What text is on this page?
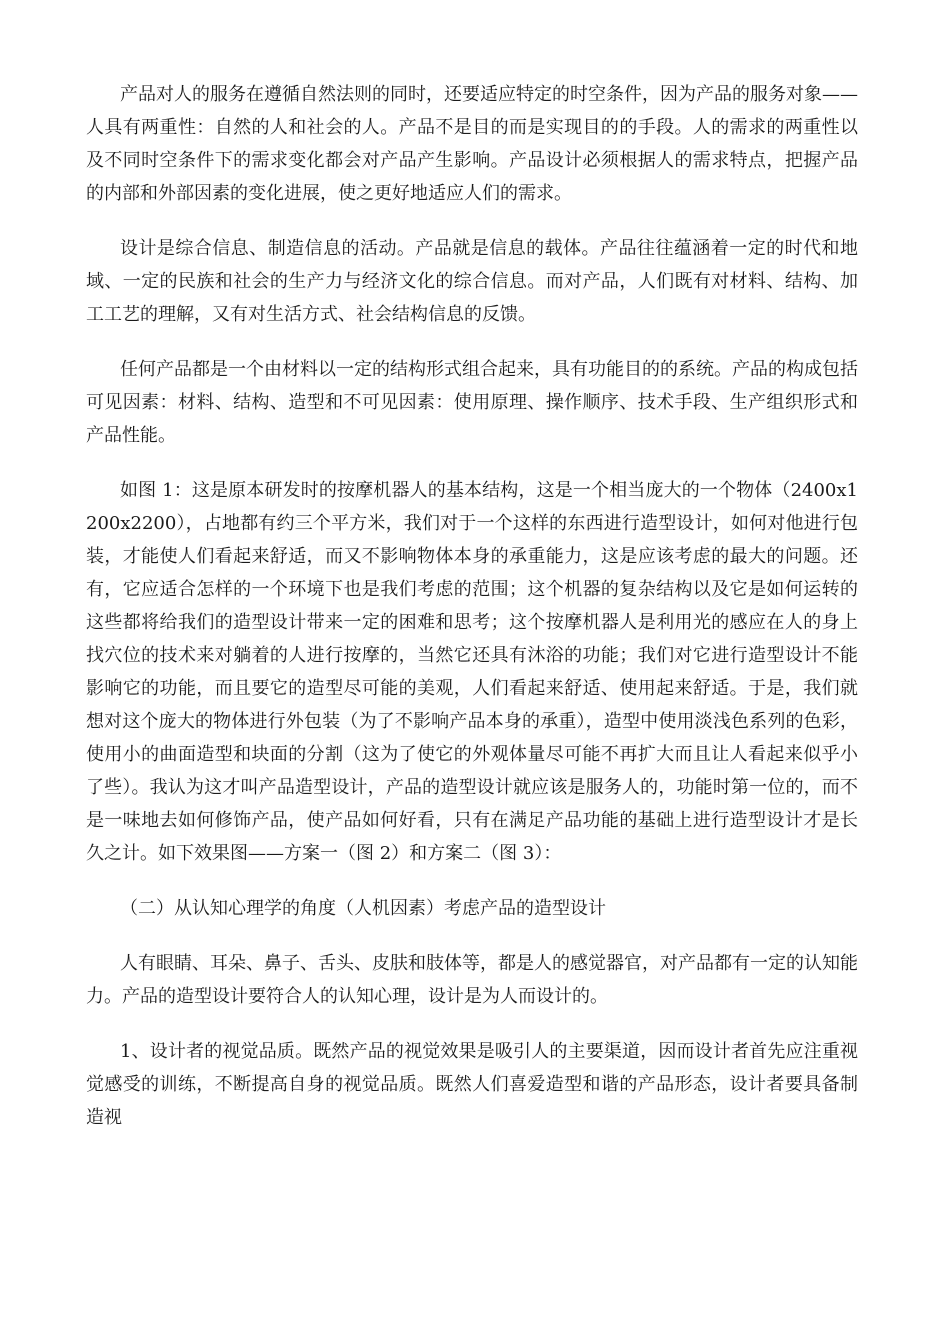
产品对人的服务在遵循自然法则的同时，还要适应特定的时空条件，因为产品的服务对象——人具有两重性：自然的人和社会的人。产品不是目的而是实现目的的手段。人的需求的两重性以及不同时空条件下的需求变化都会对产品产生影响。产品设计必须根据人的需求特点，把握产品的内部和外部因素的变化进展，使之更好地适应人们的需求。

设计是综合信息、制造信息的活动。产品就是信息的载体。产品往往蕴涵着一定的时代和地域、一定的民族和社会的生产力与经济文化的综合信息。而对产品，人们既有对材料、结构、加工工艺的理解，又有对生活方式、社会结构信息的反馈。

任何产品都是一个由材料以一定的结构形式组合起来，具有功能目的的系统。产品的构成包括可见因素：材料、结构、造型和不可见因素：使用原理、操作顺序、技术手段、生产组织形式和产品性能。

如图 1：这是原本研发时的按摩机器人的基本结构，这是一个相当庞大的一个物体（2400x1200x2200），占地都有约三个平方米，我们对于一个这样的东西进行造型设计，如何对他进行包装，才能使人们看起来舒适，而又不影响物体本身的承重能力，这是应该考虑的最大的问题。还有，它应适合怎样的一个环境下也是我们考虑的范围；这个机器的复杂结构以及它是如何运转的这些都将给我们的造型设计带来一定的困难和思考；这个按摩机器人是利用光的感应在人的身上找穴位的技术来对躺着的人进行按摩的，当然它还具有沐浴的功能；我们对它进行造型设计不能影响它的功能，而且要它的造型尽可能的美观，人们看起来舒适、使用起来舒适。于是，我们就想对这个庞大的物体进行外包装（为了不影响产品本身的承重），造型中使用淡浅色系列的色彩，使用小的曲面造型和块面的分割（这为了使它的外观体量尽可能不再扩大而且让人看起来似乎小了些）。我认为这才叫产品造型设计，产品的造型设计就应该是服务人的，功能时第一位的，而不是一味地去如何修饰产品，使产品如何好看，只有在满足产品功能的基础上进行造型设计才是长久之计。如下效果图——方案一（图 2）和方案二（图 3）：

（二）从认知心理学的角度（人机因素）考虑产品的造型设计

人有眼睛、耳朵、鼻子、舌头、皮肤和肢体等，都是人的感觉器官，对产品都有一定的认知能力。产品的造型设计要符合人的认知心理，设计是为人而设计的。

1、设计者的视觉品质。既然产品的视觉效果是吸引人的主要渠道，因而设计者首先应注重视觉感受的训练，不断提高自身的视觉品质。既然人们喜爱造型和谐的产品形态，设计者要具备制造视
